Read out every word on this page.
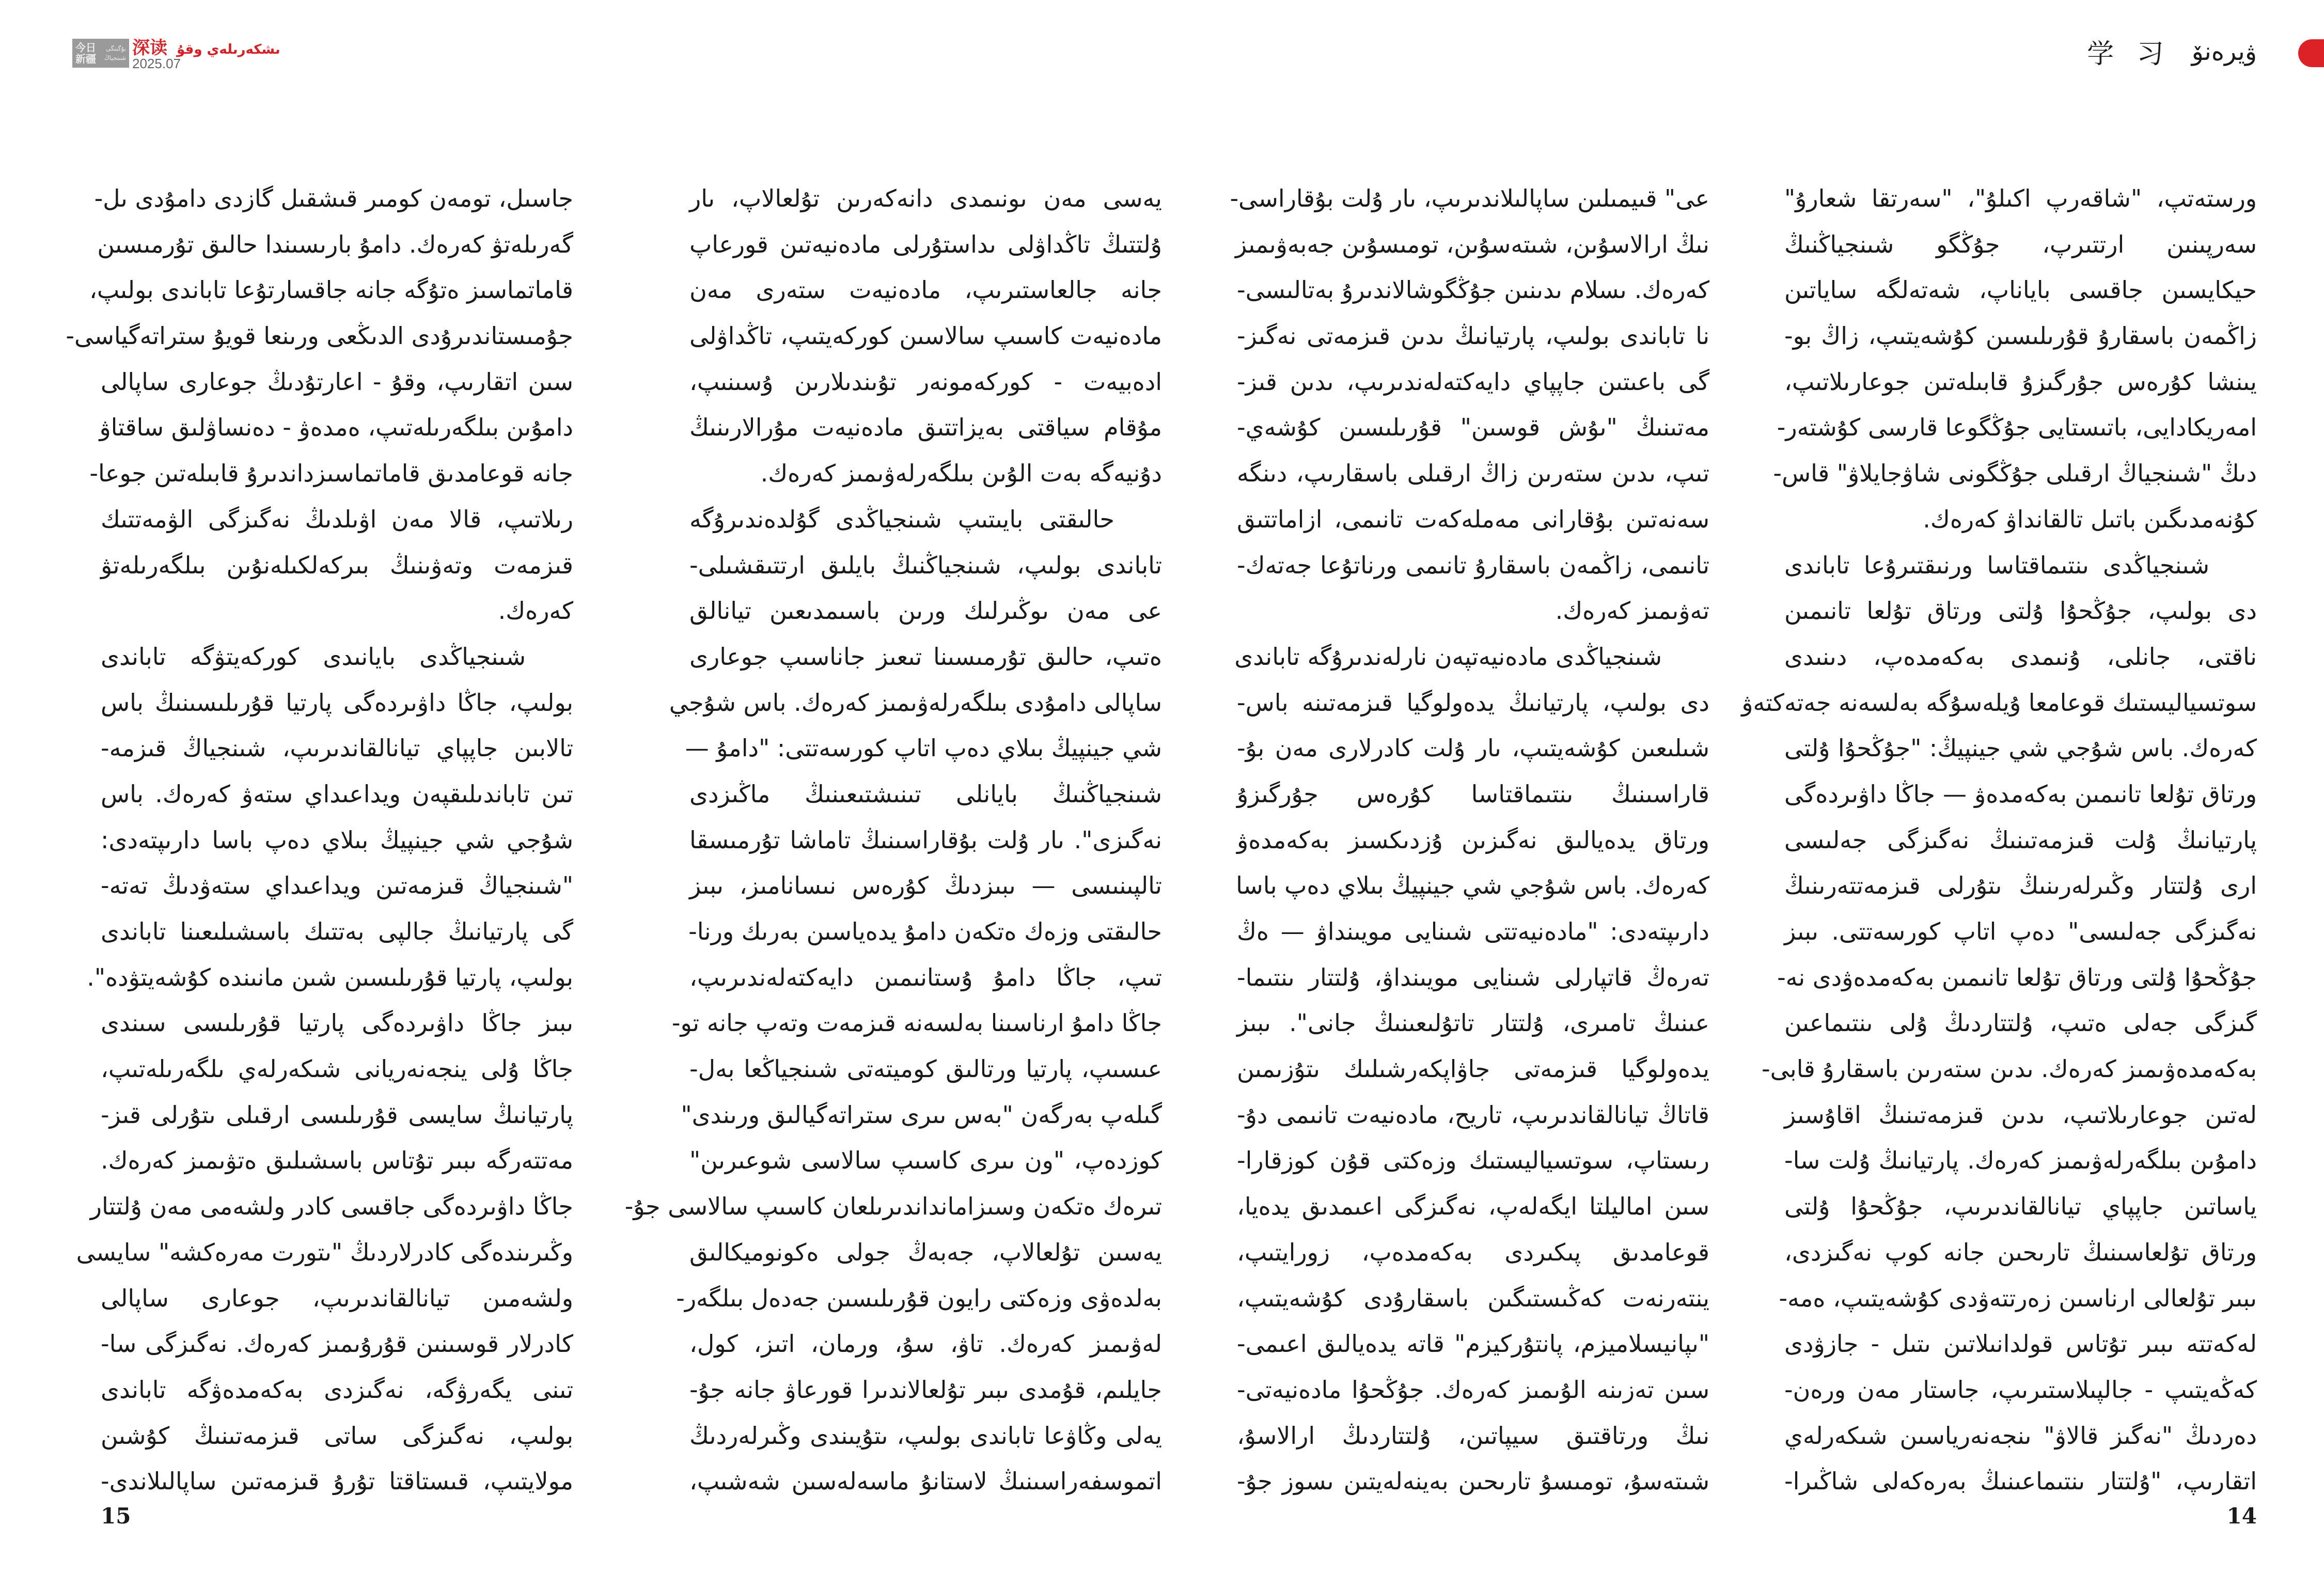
今日新疆
بۇگىنگى
شىنجياڭ 深读 ىشكەرىلەي وقۇ
2025.07	学 习 ۋيرەنۆ
ورستەتپ، "شاقەرپ اكىلۇ"، "سەرتقا شعارۇ"
سەرپىنىن ارتتىرپ، جۇڭگو شىنجياڭنىڭ
حيكايسىن جاقسى باياناپ، شەتەلگە ساياتىن
زاڭمەن باسقارۇ قۇرىلىسىن كۇشەيتىپ، زاڭ بو-
يىنشا كۇرەس جۇرگىزۇ قابىلەتىن جوعارىلاتىپ،
امەريكادايى، باتىستايى جۇڭگوعا قارسى كۇشتەر-
دىڭ "شىنجياڭ ارقىلى جۇڭگونى شاۋجايلاۋ" قاس-
كۇنەمدىگىن باتىل تالقانداۋ كەرەك.
شىنجياڭدى ىنتىماقتاسا ورنىقتىرۇعا تاباندى
دى بولىپ، جۇڭحۇا ۇلتى ورتاق تۇلعا تانىمىن
ناقتى، جانلى، ۇنىمدى بەكەمدەپ، دىنىدى
سوتسياليستىك قوعامعا ۇيلەسۇگە بەلسەنە جەتەكتەۋ
كەرەك. باس شۇجي شي جينپيڭ: "جۇڭحۇا ۇلتى
ورتاق تۇلعا تانىمىن بەكەمدەۋ — جاڭا داۋىردەگى
پارتيانىڭ ۇلت قىزمەتىنىڭ نەگىزگى جەلىسى
ارى ۇلتتار وڭىرلەرىنىڭ ىتۇرلى قىزمەتتەرىنىڭ
نەگىزگى جەلىسى" دەپ اتاپ كورسەتتى. ىبىز
جۇڭحۇا ۇلتى ورتاق تۇلعا تانىمىن بەكەمدەۋدى نە-
گىزگى جەلى ەتىپ، ۇلتتاردىڭ ۇلى ىنتىماعىن
بەكەمدەۋىمىز كەرەك. ىدىن ستەرىن باسقارۇ قابى-
لەتىن جوعارىلاتىپ، ىدىن قىزمەتىنىڭ اقاۇسىز
دامۇىن بىلگەرلەۋىمىز كەرەك. پارتيانىڭ ۇلت سا-
ياساتىن جاپپاي تيانالقاندىرىپ، جۇڭحۇا ۇلتى
ورتاق تۇلعاسىنىڭ تارىحىن جانە كوپ نەگىزدى،
ىبىر تۇلعالى ارناسىن زەرتتەۋدى كۇشەيتىپ، ەمە-
لەكەتتە ىبىر تۇتاس قولدانىلاتىن ىتىل - جازۋدى
كەڭەيتىپ - جالپىلاستىرىپ، جاستار مەن ورەن-
دەردىڭ "نەگىز قالاۋ" ىنجەنەرياسىن شىكەرلەي
اتقارىپ، "ۇلتتار ىنتىماعىنىڭ بەرەكەلى شاڭىرا-
عى" قىيمىلىن ساپالىلاندىرىپ، ىار ۇلت بۇقاراسى-
نىڭ ارالاسۇىن، شىتەسۇىن، تومىسۇىن جەبەۋىمىز
كەرەك. ىسلام ىدىنىن جۇڭگوشالاندىرۇ بەتالىسى-
نا تاباندى بولىپ، پارتيانىڭ ىدىن قىزمەتى نەگىز-
گى باعىتىن جاپپاي دايەكتەلەندىرىپ، ىدىن قىز-
مەتىنىڭ "ىۇش قوسىن" قۇرىلىسىن كۇشەي-
تىپ، ىدىن ستەرىن زاڭ ارقىلى باسقارىپ، دىنگە
سەنەتىن بۇقارانى مەملەكەت تانىمى، ازاماتتىق
تانىمى، زاڭمەن باسقارۇ تانىمى ورناتۇعا جەتەك-
تەۋىمىز كەرەك.
شىنجياڭدى مادەنيەتپەن نارلەندىرۇگە تاباندى
دى بولىپ، پارتيانىڭ يدەولوگيا قىزمەتىنە باس-
شىلىعىن كۇشەيتىپ، ىار ۇلت كادرلارى مەن بۇ-
قاراسىنىڭ ىنتىماقتاسا كۇرەس جۇرگىزۇ
ورتاق يدەيالىق نەگىزىن ۇزدىكسىز بەكەمدەۋ
كەرەك. باس شۇجي شي جينپيڭ بىلاي دەپ باسا
دارىپتەدى: "مادەنيەتتى شىنايى مويىنداۋ — ەڭ
تەرەڭ قاتپارلى شىنايى مويىنداۋ، ۇلتتار ىنتىما-
عىنىڭ تامىرى، ۇلتتار تاتۇلىعىنىڭ جانى". ىبىز
يدەولوگيا قىزمەتى جاۋاپكەرشىلىك ىتۇزىمىن
قاتاڭ تيانالقاندىرىپ، تاريح، مادەنيەت تانىمى دۇ-
رىستاپ، سوتسياليستىك وزەكتى قۇن كوزقارا-
سىن اماليلتا ايگەلەپ، نەگىزگى اعىمدىق يدەيا،
قوعامدىق پىكىردى بەكەمدەپ، زورايتىپ،
ينتەرنەت كەڭىستىگىن باسقارۇدى كۇشەيتىپ،
"ىپانيسلاميزم، پانتۇركيزم" قاتە يدەيالىق اعىمى-
سىن تەزىنە الۇىمىز كەرەك. جۇڭحۇا مادەنيەتى-
نىڭ ورتاقتىق سيپاتىن، ۇلتتاردىڭ ارالاسۇ،
شىتەسۇ، تومىسۇ تارىحىن بەينەلەيتىن ىسوز جۇ-
يەسى مەن ىونىمدى دانەكەرىن تۇلعالاپ، ىار
ۇلتتىڭ تاڭداۋلى ىداستۇرلى مادەنيەتىن قورعاپ
جانە جالعاستىرىپ، مادەنيەت ستەرى مەن
مادەنيەت كاسىپ سالاسىن كوركەيتىپ، تاڭداۋلى
ادەبيەت - كوركەمونەر تۇىندىلارىن ۇسىنىپ،
مۇقام سياقتى بەيزاتتىق مادەنيەت مۇرالارىنىڭ
دۇنيەگە بەت الۇىن بىلگەرلەۋىمىز كەرەك.
حالىقتى بايىتىپ شىنجياڭدى گۇلدەندىرۇگە
تاباندى بولىپ، شىنجياڭنىڭ بايلىق ارتتىقشىلى-
عى مەن ىوڭىرلىك ورىن باسىمدىعىن تيانالق
ەتىپ، حالىق تۇرمىسىنا تىعىز جاناسىپ جوعارى
ساپالى دامۇدى بىلگەرلەۋىمىز كەرەك. باس شۇجي
شي جينپيڭ بىلاي دەپ اتاپ كورسەتتى: "دامۇ —
شىنجياڭنىڭ بايانلى تىنىشتىعىنىڭ ماڭىزدى
نەگىزى". ىار ۇلت بۇقاراسىنىڭ تاماشا تۇرمىسقا
تالپىنىسى — ىبىزدىڭ كۇرەس نىسانامىز، ىبىز
حالىقتى وزەك ەتكەن دامۇ يدەياسىن بەرىك ورنا-
تىپ، جاڭا دامۇ ۇستانىمىن دايەكتەلەندىرىپ،
جاڭا دامۇ ارناسىنا بەلسەنە قىزمەت وتەپ جانە تو-
عىسىپ، پارتيا ورتالىق كوميتەتى شىنجياڭعا بەل-
گىلەپ بەرگەن "بەس ىىرى ستراتەگيالىق ورىندى"
كوزدەپ، "ون ىىرى كاسىپ سالاسى شوعىرىن"
تىرەك ەتكەن وسىزامانداندىرىلعان كاسىپ سالاسى جۇ-
يەسىن تۇلعالاپ، جەبەڭ جولى ەكونوميكالىق
بەلدەۋى وزەكتى رايون قۇرىلىسىن جەدەل بىلگەر-
لەۋىمىز كەرەك. تاۋ، سۇ، ورمان، اتىز، كول،
جايلىم، قۇمدى ىبىر تۇلعالاندىرا قورعاۋ جانە جۇ-
يەلى وڭاۋعا تاباندى بولىپ، ىتۇيىندى وڭىرلەردىڭ
اتموسفەراسىنىڭ لاستانۇ ماسەلەسىن شەشىپ،
جاسىل، تومەن كومىر قىشقىل گازدى دامۇدى ىل-
گەرىلەتۋ كەرەك. دامۇ بارىسىندا حالىق تۇرمىسىن
قاماتماسىز ەتۇگە جانە جاقسارتۇعا تاباندى بولىپ،
جۇمىستاندىرۇدى الدىڭعى ورىنعا قويۇ ستراتەگياسى-
سىن اتقارىپ، وقۇ - اعارتۇدىڭ جوعارى ساپالى
دامۇىن بىلگەرىلەتىپ، ەمدەۋ - دەنساۋلىق ساقتاۋ
جانە قوعامدىق قاماتماسىزداندىرۇ قابىلەتىن جوعا-
رىلاتىپ، قالا مەن اۋىلدىڭ نەگىزگى الۋمەتتىك
قىزمەت وتەۋىنىڭ بىركەلكىلەنۇىن بىلگەرىلەتۋ
كەرەك.
شىنجياڭدى بايانىدى كوركەيتۋگە تاباندى
بولىپ، جاڭا داۋىردەگى پارتيا قۇرىلىسىنىڭ باس
تالابىن جاپپاي تيانالقاندىرىپ، شىنجياڭ قىزمە-
تىن تاباندىلىقپەن ويداعىداي ستەۋ كەرەك. باس
شۇجي شي جينپيڭ بىلاي دەپ باسا دارىپتەدى:
"شىنجياڭ قىزمەتىن ويداعىداي ستەۋدىڭ تەتە-
گى پارتيانىڭ جالپى بەتتىك باسشىلىعىنا تاباندى
بولىپ، پارتيا قۇرىلىسىن شىن مانىندە كۇشەيتۋدە".
ىبىز جاڭا داۋىردەگى پارتيا قۇرىلىسى سىندى
جاڭا ۇلى ينجەنەريانى شىكەرلەي ىلگەرىلەتىپ،
پارتيانىڭ سايسى قۇرىلىسى ارقىلى ىتۇرلى قىز-
مەتتەرگە ىبىر تۇتاس باسشىلىق ەتۋىمىز كەرەك.
جاڭا داۋىردەگى جاقسى كادر ولشەمى مەن ۇلتتار
وڭىرىندەگى كادرلاردىڭ "ىتورت مەرەكشە" سايسى
ولشەمىن تيانالقاندىرىپ، جوعارى ساپالى
كادرلار قوسىنىن قۇرۇىمىز كەرەك. نەگىزگى سا-
تىنى يگەرۋگە، نەگىزدى بەكەمدەۋگە تاباندى
بولىپ، نەگىزگى ساتى قىزمەتىنىڭ كۇشىن
مولايتىپ، قىستاقتا تۇرۇ قىزمەتىن ساپالىلاندى-
14
15
